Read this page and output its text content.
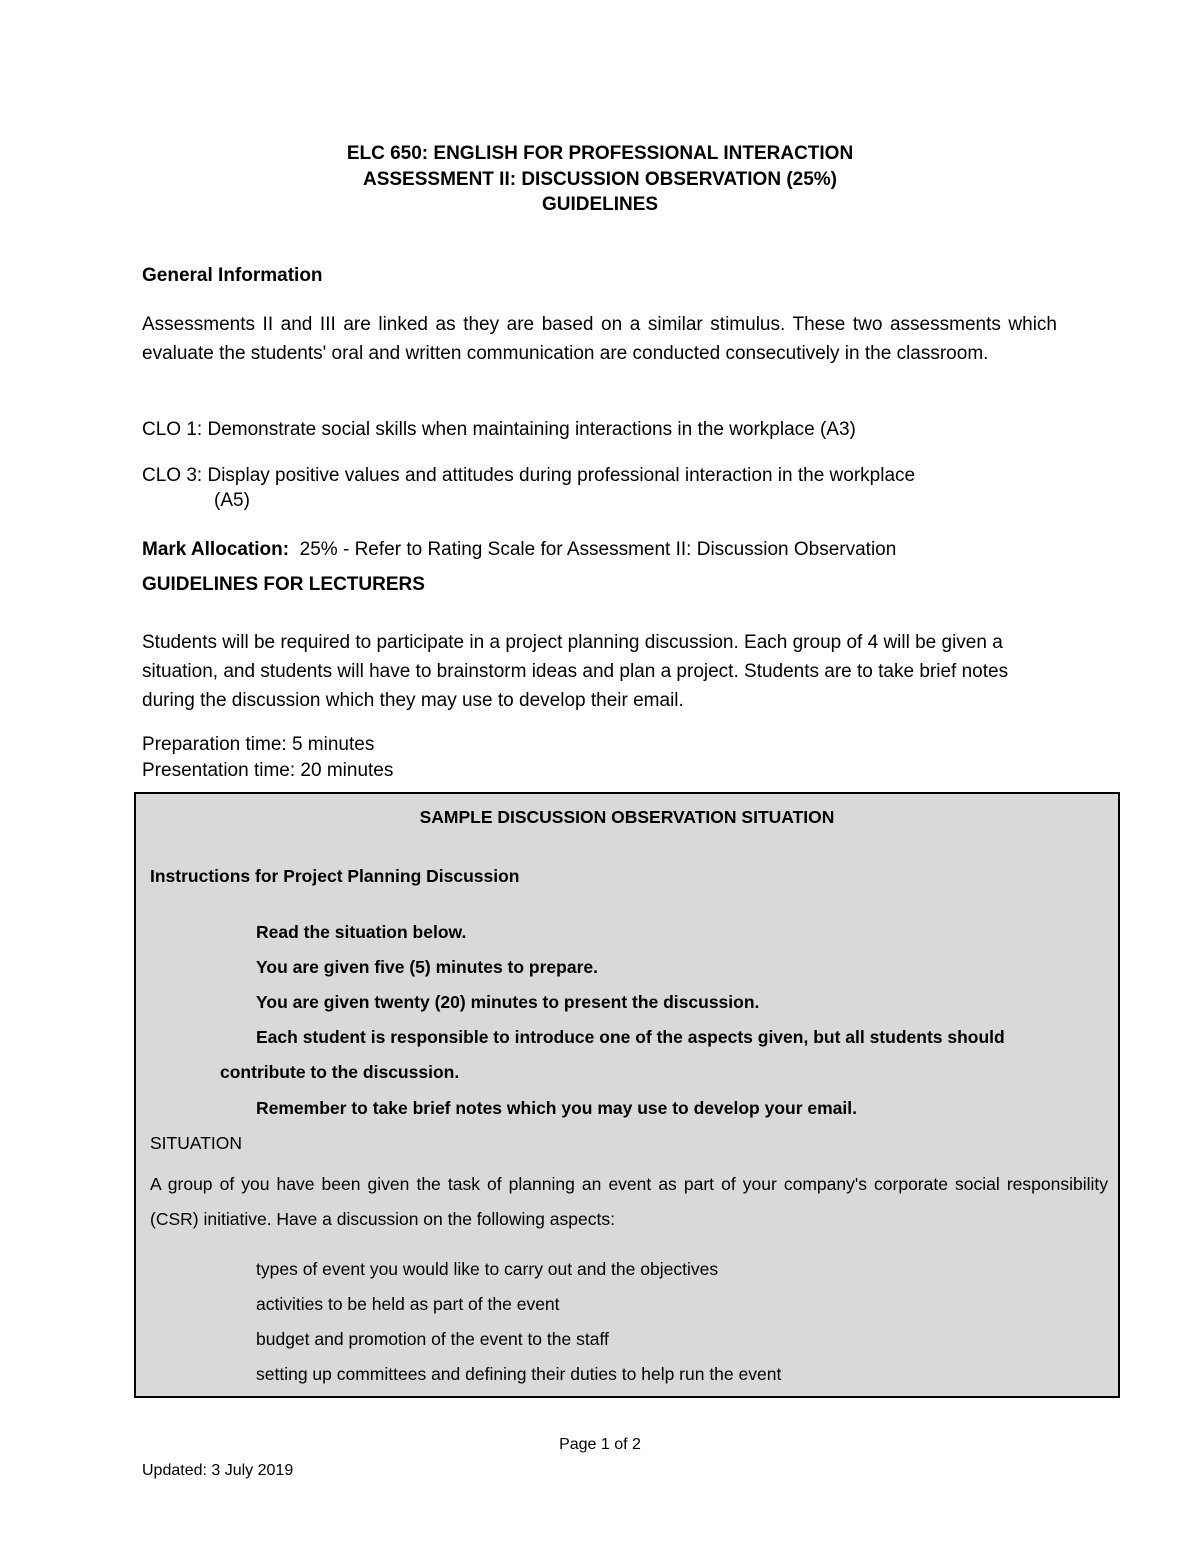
ELC 650: ENGLISH FOR PROFESSIONAL INTERACTION
ASSESSMENT II: DISCUSSION OBSERVATION (25%)
GUIDELINES
General Information
Assessments II and III are linked as they are based on a similar stimulus. These two assessments which evaluate the students' oral and written communication are conducted consecutively in the classroom.
CLO 1: Demonstrate social skills when maintaining interactions in the workplace (A3)
CLO 3: Display positive values and attitudes during professional interaction in the workplace
(A5)
Mark Allocation: 25% - Refer to Rating Scale for Assessment II: Discussion Observation
GUIDELINES FOR LECTURERS
Students will be required to participate in a project planning discussion. Each group of 4 will be given a situation, and students will have to brainstorm ideas and plan a project. Students are to take brief notes during the discussion which they may use to develop their email.
Preparation time: 5 minutes
Presentation time: 20 minutes
SAMPLE DISCUSSION OBSERVATION SITUATION
Instructions for Project Planning Discussion
Read the situation below.
You are given five (5) minutes to prepare.
You are given twenty (20) minutes to present the discussion.
Each student is responsible to introduce one of the aspects given, but all students should
contribute to the discussion.
Remember to take brief notes which you may use to develop your email.
SITUATION
A group of you have been given the task of planning an event as part of your company's corporate social responsibility (CSR) initiative. Have a discussion on the following aspects:
types of event you would like to carry out and the objectives
activities to be held as part of the event
budget and promotion of the event to the staff
setting up committees and defining their duties to help run the event
Page 1 of 2
Updated: 3 July 2019
